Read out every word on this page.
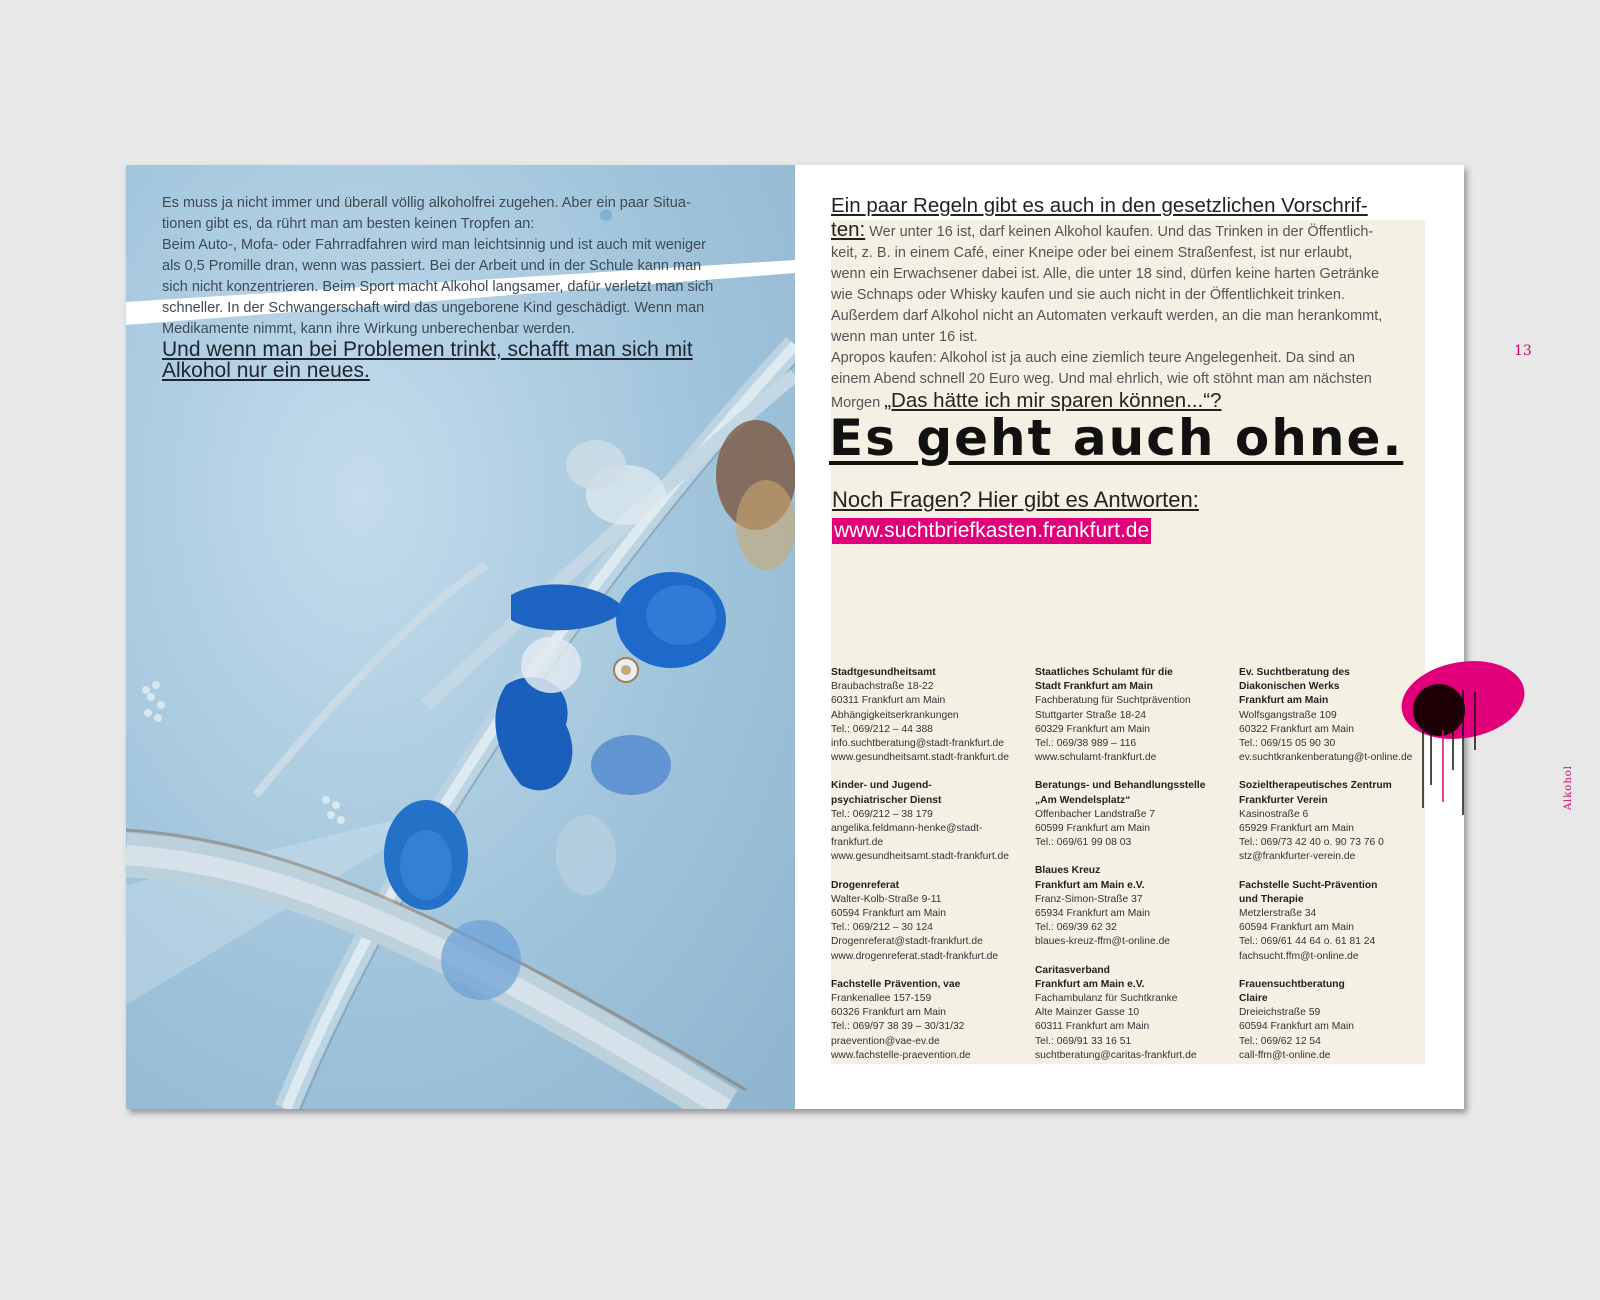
Es muss ja nicht immer und überall völlig alkoholfrei zugehen. Aber ein paar Situa-

tionen gibt es, da rührt man am besten keinen Tropfen an:

Beim Auto-, Mofa- oder Fahrradfahren wird man leichtsinnig und ist auch mit weniger

als 0,5 Promille dran, wenn was passiert. Bei der Arbeit und in der Schule kann man

sich nicht konzentrieren. Beim Sport macht Alkohol langsamer, dafür verletzt man sich

schneller. In der Schwangerschaft wird das ungeborene Kind geschädigt. Wenn man

Medikamente nimmt, kann ihre Wirkung unberechenbar werden.

Und wenn man bei Problemen trinkt, schafft man sich mit
Alkohol nur ein neues.
13

Ein paar Regeln gibt es auch in den gesetzlichen Vorschrif-

ten: Wer unter 16 ist, darf keinen Alkohol kaufen. Und das Trinken in der Öffentlich-

keit, z. B. in einem Café, einer Kneipe oder bei einem Straßenfest, ist nur erlaubt,

wenn ein Erwachsener dabei ist. Alle, die unter 18 sind, dürfen keine harten Getränke

wie Schnaps oder Whisky kaufen und sie auch nicht in der Öffentlichkeit trinken.

Außerdem darf Alkohol nicht an Automaten verkauft werden, an die man herankommt,

wenn man unter 16 ist.

Apropos kaufen: Alkohol ist ja auch eine ziemlich teure Angelegenheit. Da sind an

einem Abend schnell 20 Euro weg. Und mal ehrlich, wie oft stöhnt man am nächsten

Morgen „Das hätte ich mir sparen können...“?

Es geht auch ohne.
Noch Fragen? Hier gibt es Antworten:
www.suchtbriefkasten.frankfurt.de
Alkohol
Stadtgesundheitsamt
Braubachstraße 18-22
60311 Frankfurt am Main
Abhängigkeitserkrankungen
Tel.: 069/212 – 44 388
info.suchtberatung@stadt-frankfurt.de
www.gesundheitsamt.stadt-frankfurt.de
Kinder- und Jugend-
psychiatrischer Dienst
Tel.: 069/212 – 38 179
angelika.feldmann-henke@stadt-
frankfurt.de
www.gesundheitsamt.stadt-frankfurt.de
Drogenreferat
Walter-Kolb-Straße 9-11
60594 Frankfurt am Main
Tel.: 069/212 – 30 124
Drogenreferat@stadt-frankfurt.de
www.drogenreferat.stadt-frankfurt.de
Fachstelle Prävention, vae
Frankenallee 157-159
60326 Frankfurt am Main
Tel.: 069/97 38 39 – 30/31/32
praevention@vae-ev.de
www.fachstelle-praevention.de
Staatliches Schulamt für die
Stadt Frankfurt am Main
Fachberatung für Suchtprävention
Stuttgarter Straße 18-24
60329 Frankfurt am Main
Tel.: 069/38 989 – 116
www.schulamt-frankfurt.de
Beratungs- und Behandlungsstelle
„Am Wendelsplatz“
Offenbacher Landstraße 7
60599 Frankfurt am Main
Tel.: 069/61 99 08 03
Blaues Kreuz
Frankfurt am Main e.V.
Franz-Simon-Straße 37
65934 Frankfurt am Main
Tel.: 069/39 62 32
blaues-kreuz-ffm@t-online.de
Caritasverband
Frankfurt am Main e.V.
Fachambulanz für Suchtkranke
Alte Mainzer Gasse 10
60311 Frankfurt am Main
Tel.: 069/91 33 16 51
suchtberatung@caritas-frankfurt.de
Ev. Suchtberatung des
Diakonischen Werks
Frankfurt am Main
Wolfsgangstraße 109
60322 Frankfurt am Main
Tel.: 069/15 05 90 30
ev.suchtkrankenberatung@t-online.de
Sozieltherapeutisches Zentrum
Frankfurter Verein
Kasinostraße 6
65929 Frankfurt am Main
Tel.: 069/73 42 40 o. 90 73 76 0
stz@frankfurter-verein.de
Fachstelle Sucht-Prävention
und Therapie
Metzlerstraße 34
60594 Frankfurt am Main
Tel.: 069/61 44 64 o. 61 81 24
fachsucht.ffm@t-online.de
Frauensuchtberatung
Claire
Dreieichstraße 59
60594 Frankfurt am Main
Tel.: 069/62 12 54
call-ffm@t-online.de
